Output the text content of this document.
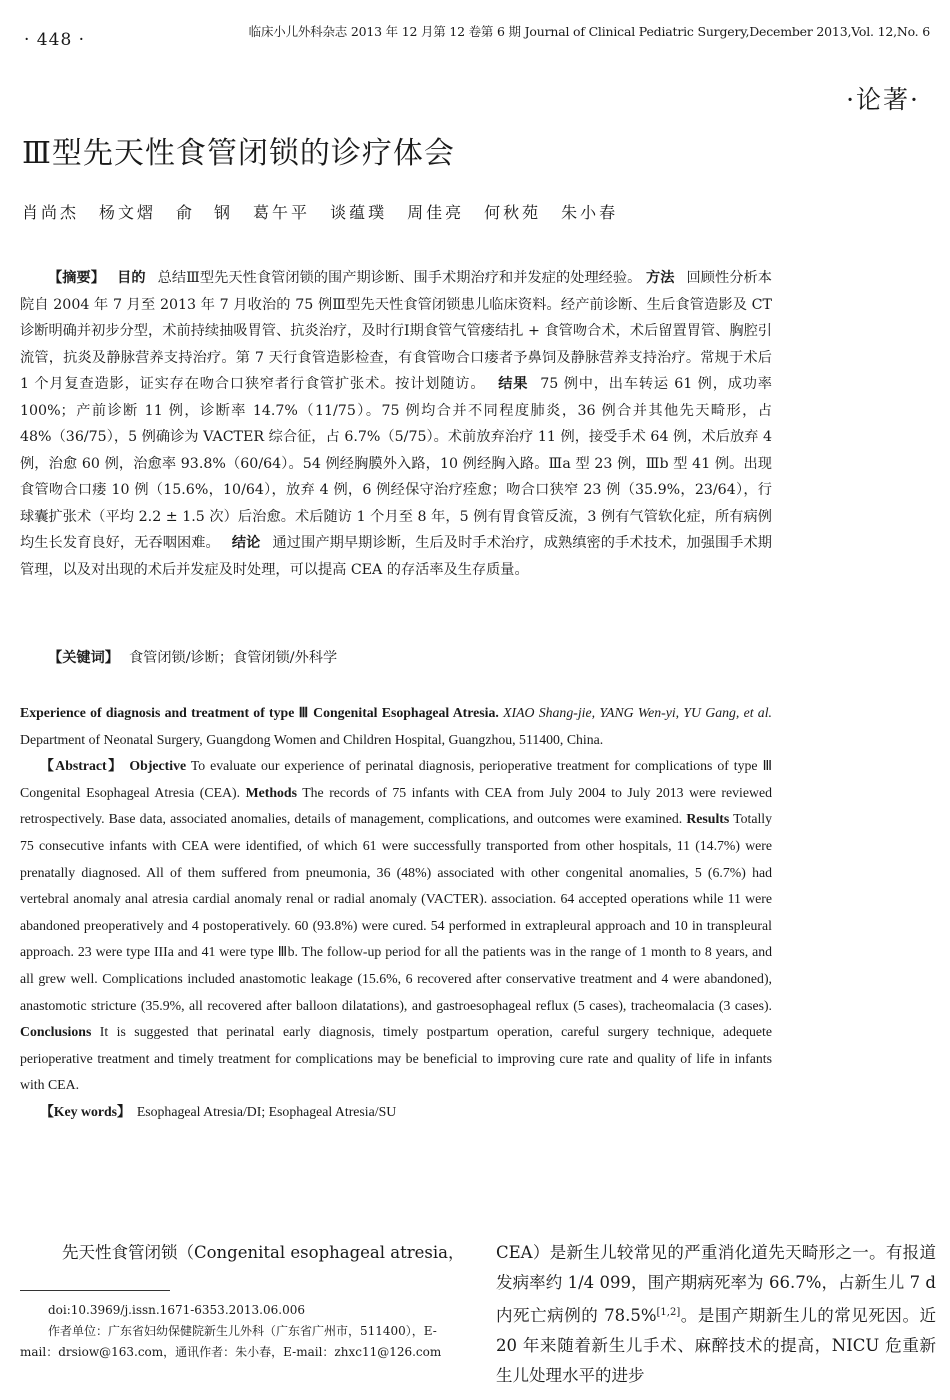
· 448 ·	临床小儿外科杂志 2013 年 12 月第 12 卷第 6 期 Journal of Clinical Pediatric Surgery,December 2013,Vol. 12,No. 6
·论著·
Ⅲ型先天性食管闭锁的诊疗体会
肖尚杰 杨文熠 俞　钢 葛午平 谈蕴璞 周佳亮 何秋苑 朱小春
【摘要】 目的 总结Ⅲ型先天性食管闭锁的围产期诊断、围手术期治疗和并发症的处理经验。 方法 回顾性分析本院自 2004 年 7 月至 2013 年 7 月收治的 75 例Ⅲ型先天性食管闭锁患儿临床资料。经产前诊断、生后食管造影及 CT 诊断明确并初步分型，术前持续抽吸胃管、抗炎治疗，及时行Ⅰ期食管气管瘘结扎 + 食管吻合术，术后留置胃管、胸腔引流管，抗炎及静脉营养支持治疗。第 7 天行食管造影检查，有食管吻合口瘘者予鼻饲及静脉营养支持治疗。常规于术后 1 个月复查造影，证实存在吻合口狭窄者行食管扩张术。按计划随访。 结果 75 例中，出车转运 61 例，成功率 100%；产前诊断 11 例，诊断率 14.7%（11/75）。75 例均合并不同程度肺炎，36 例合并其他先天畸形，占 48%（36/75），5 例确诊为 VACTER 综合征，占 6.7%（5/75）。术前放弃治疗 11 例，接受手术 64 例，术后放弃 4 例，治愈 60 例，治愈率 93.8%（60/64）。54 例经胸膜外入路，10 例经胸入路。Ⅲa 型 23 例，Ⅲb 型 41 例。出现食管吻合口瘘 10 例（15.6%，10/64），放弃 4 例，6 例经保守治疗痊愈；吻合口狭窄 23 例（35.9%，23/64），行球囊扩张术（平均 2.2 ± 1.5 次）后治愈。术后随访 1 个月至 8 年，5 例有胃食管反流，3 例有气管软化症，所有病例均生长发育良好，无吞咽困难。 结论 通过围产期早期诊断，生后及时手术治疗，成熟缜密的手术技术，加强围手术期管理，以及对出现的术后并发症及时处理，可以提高 CEA 的存活率及生存质量。
【关键词】 食管闭锁/诊断；食管闭锁/外科学

Experience of diagnosis and treatment of type Ⅲ Congenital Esophageal Atresia. XIAO Shang-jie, YANG Wen-yi, YU Gang, et al. Department of Neonatal Surgery, Guangdong Women and Children Hospital, Guangzhou, 511400, China.

【Abstract】 Objective To evaluate our experience of perinatal diagnosis, perioperative treatment for complications of type Ⅲ Congenital Esophageal Atresia (CEA). Methods The records of 75 infants with CEA from July 2004 to July 2013 were reviewed retrospectively. Base data, associated anomalies, details of management, complications, and outcomes were examined. Results Totally 75 consecutive infants with CEA were identified, of which 61 were successfully transported from other hospitals, 11 (14.7%) were prenatally diagnosed. All of them suffered from pneumonia, 36 (48%) associated with other congenital anomalies, 5 (6.7%) had vertebral anomaly anal atresia cardial anomaly renal or radial anomaly (VACTER). association. 64 accepted operations while 11 were abandoned preoperatively and 4 postoperatively. 60 (93.8%) were cured. 54 performed in extrapleural approach and 10 in transpleural approach. 23 were type IIIa and 41 were type Ⅲb. The follow-up period for all the patients was in the range of 1 month to 8 years, and all grew well. Complications included anastomotic leakage (15.6%, 6 recovered after conservative treatment and 4 were abandoned), anastomotic stricture (35.9%, all recovered after balloon dilatations), and gastroesophageal reflux (5 cases), tracheomalacia (3 cases). Conclusions It is suggested that perinatal early diagnosis, timely postpartum operation, careful surgery technique, adequete perioperative treatment and timely treatment for complications may be beneficial to improving cure rate and quality of life in infants with CEA.

【Key words】 Esophageal Atresia/DI; Esophageal Atresia/SU

先天性食管闭锁（Congenital esophageal atresia，

doi:10.3969/j.issn.1671-6353.2013.06.006

作者单位：广东省妇幼保健院新生儿外科（广东省广州市，511400），E-mail：drsiow@163.com，通讯作者：朱小春，E-mail：zhxc11@126.com

CEA）是新生儿较常见的严重消化道先天畸形之一。有报道发病率约 1/4 099，围产期病死率为 66.7%，占新生儿 7 d 内死亡病例的 78.5%[1,2]。是围产期新生儿的常见死因。近 20 年来随着新生儿手术、麻醉技术的提高，NICU 危重新生儿处理水平的进步
